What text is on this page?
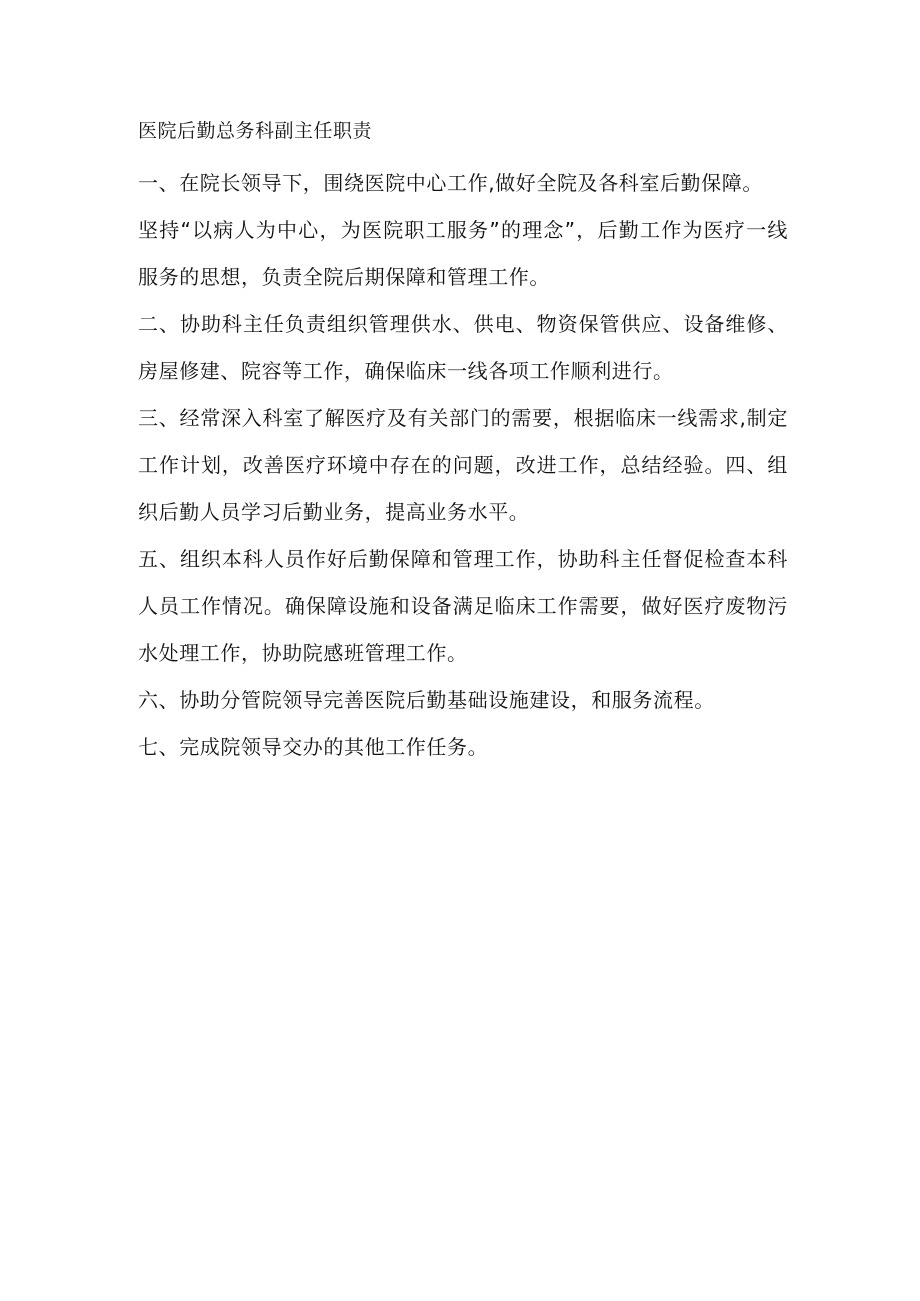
医院后勤总务科副主任职责

一、在院长领导下，围绕医院中心工作,做好全院及各科室后勤保障。

坚持“以病人为中心，为医院职工服务”的理念”，后勤工作为医疗一线服务的思想，负责全院后期保障和管理工作。

二、协助科主任负责组织管理供水、供电、物资保管供应、设备维修、房屋修建、院容等工作，确保临床一线各项工作顺利进行。

三、经常深入科室了解医疗及有关部门的需要，根据临床一线需求,制定工作计划，改善医疗环境中存在的问题，改进工作，总结经验。四、组织后勤人员学习后勤业务，提高业务水平。

五、组织本科人员作好后勤保障和管理工作，协助科主任督促检查本科人员工作情况。确保障设施和设备满足临床工作需要，做好医疗废物污水处理工作，协助院感班管理工作。

六、协助分管院领导完善医院后勤基础设施建设，和服务流程。

七、完成院领导交办的其他工作任务。
